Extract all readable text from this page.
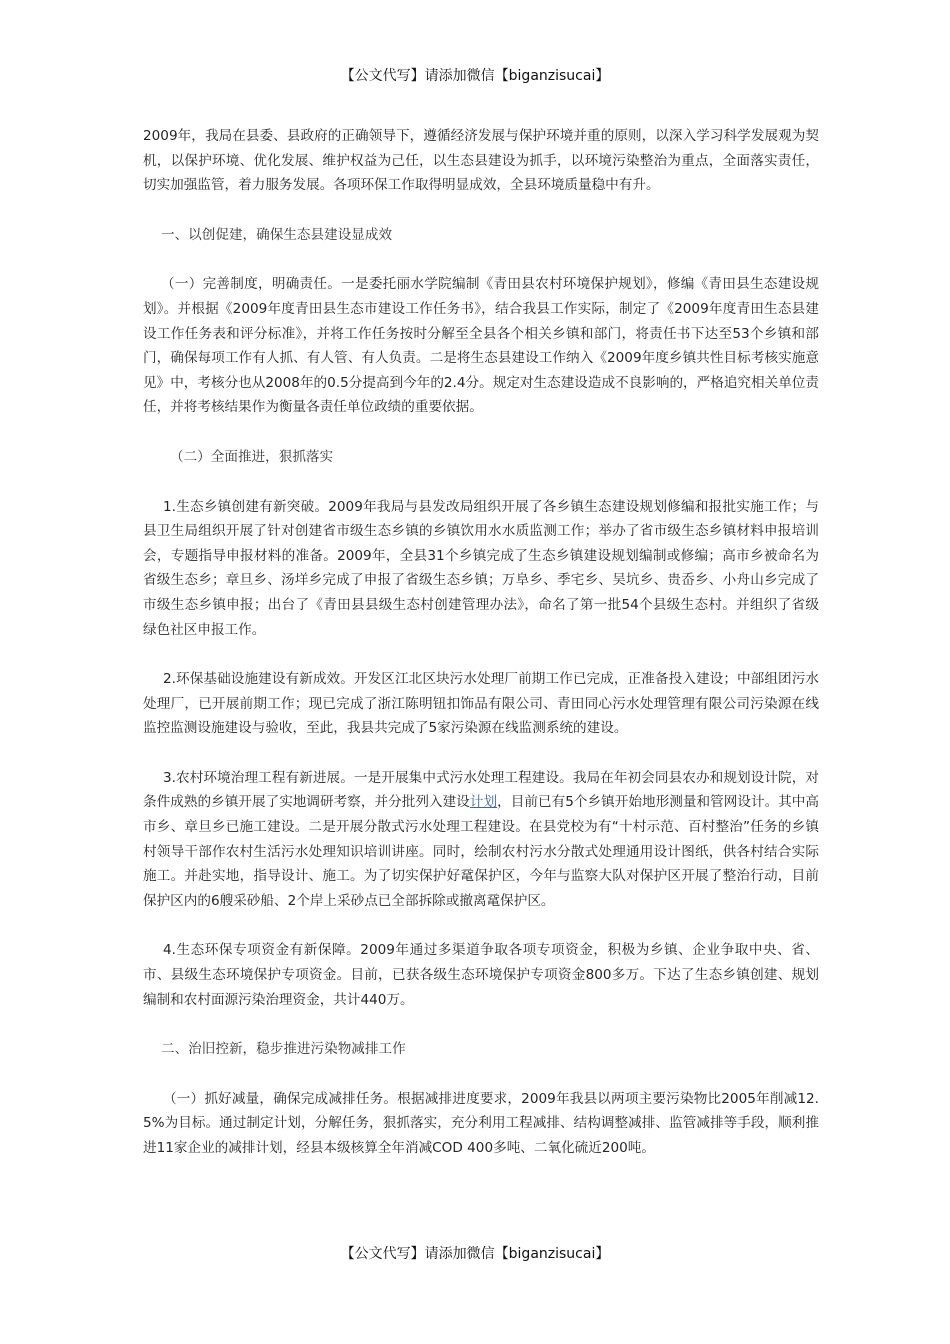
【公文代写】请添加微信【biganzisucai】

2009年，我局在县委、县政府的正确领导下，遵循经济发展与保护环境并重的原则，以深入学习科学发展观为契机，以保护环境、优化发展、维护权益为己任，以生态县建设为抓手，以环境污染整治为重点，全面落实责任，切实加强监管，着力服务发展。各项环保工作取得明显成效，全县环境质量稳中有升。

一、以创促建，确保生态县建设显成效

（一）完善制度，明确责任。一是委托丽水学院编制《青田县农村环境保护规划》，修编《青田县生态建设规划》。并根据《2009年度青田县生态市建设工作任务书》，结合我县工作实际，制定了《2009年度青田生态县建设工作任务表和评分标准》，并将工作任务按时分解至全县各个相关乡镇和部门，将责任书下达至53个乡镇和部门，确保每项工作有人抓、有人管、有人负责。二是将生态县建设工作纳入《2009年度乡镇共性目标考核实施意见》中，考核分也从2008年的0.5分提高到今年的2.4分。规定对生态建设造成不良影响的，严格追究相关单位责任，并将考核结果作为衡量各责任单位政绩的重要依据。

（二）全面推进，狠抓落实

1.生态乡镇创建有新突破。2009年我局与县发改局组织开展了各乡镇生态建设规划修编和报批实施工作；与县卫生局组织开展了针对创建省市级生态乡镇的乡镇饮用水水质监测工作；举办了省市级生态乡镇材料申报培训会，专题指导申报材料的准备。2009年，全县31个乡镇完成了生态乡镇建设规划编制或修编；高市乡被命名为省级生态乡；章旦乡、汤垟乡完成了申报了省级生态乡镇；万阜乡、季宅乡、吴坑乡、贵岙乡、小舟山乡完成了市级生态乡镇申报；出台了《青田县县级生态村创建管理办法》，命名了第一批54个县级生态村。并组织了省级绿色社区申报工作。

2.环保基础设施建设有新成效。开发区江北区块污水处理厂前期工作已完成，正准备投入建设；中部组团污水处理厂，已开展前期工作；现已完成了浙江陈明钮扣饰品有限公司、青田同心污水处理管理有限公司污染源在线监控监测设施建设与验收，至此，我县共完成了5家污染源在线监测系统的建设。

3.农村环境治理工程有新进展。一是开展集中式污水处理工程建设。我局在年初会同县农办和规划设计院，对条件成熟的乡镇开展了实地调研考察，并分批列入建设计划，目前已有5个乡镇开始地形测量和管网设计。其中高市乡、章旦乡已施工建设。二是开展分散式污水处理工程建设。在县党校为有“十村示范、百村整治”任务的乡镇村领导干部作农村生活污水处理知识培训讲座。同时，绘制农村污水分散式处理通用设计图纸，供各村结合实际施工。并赴实地，指导设计、施工。为了切实保护好鼋保护区，今年与监察大队对保护区开展了整治行动，目前保护区内的6艘采砂船、2个岸上采砂点已全部拆除或撤离鼋保护区。

4.生态环保专项资金有新保障。2009年通过多渠道争取各项专项资金，积极为乡镇、企业争取中央、省、市、县级生态环境保护专项资金。目前，已获各级生态环境保护专项资金800多万。下达了生态乡镇创建、规划编制和农村面源污染治理资金，共计440万。

二、治旧控新，稳步推进污染物减排工作

（一）抓好减量，确保完成减排任务。根据减排进度要求，2009年我县以两项主要污染物比2005年削减12.5%为目标。通过制定计划，分解任务，狠抓落实，充分利用工程减排、结构调整减排、监管减排等手段，顺利推进11家企业的减排计划，经县本级核算全年消减COD 400多吨、二氧化硫近200吨。

【公文代写】请添加微信【biganzisucai】
